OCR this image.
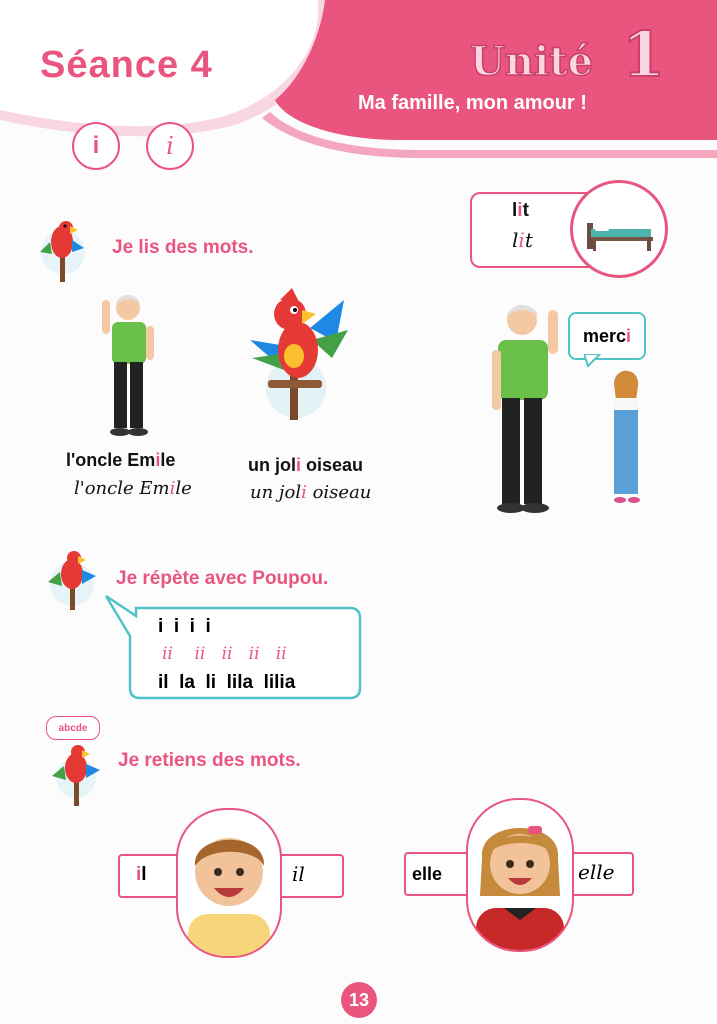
Séance 4	Unité 1
Ma famille, mon amour !
i	i
Je lis des mots.
lit
lit
l'oncle Emile
l'oncle Emile
un joli oiseau
un joli oiseau
merc i
Je répète avec Poupou.
i  i  i  i
ii    ii   ii   ii   ii
il  la  li  lila  lilia
abcde
Je retiens des mots.
il	il	elle	elle
13
